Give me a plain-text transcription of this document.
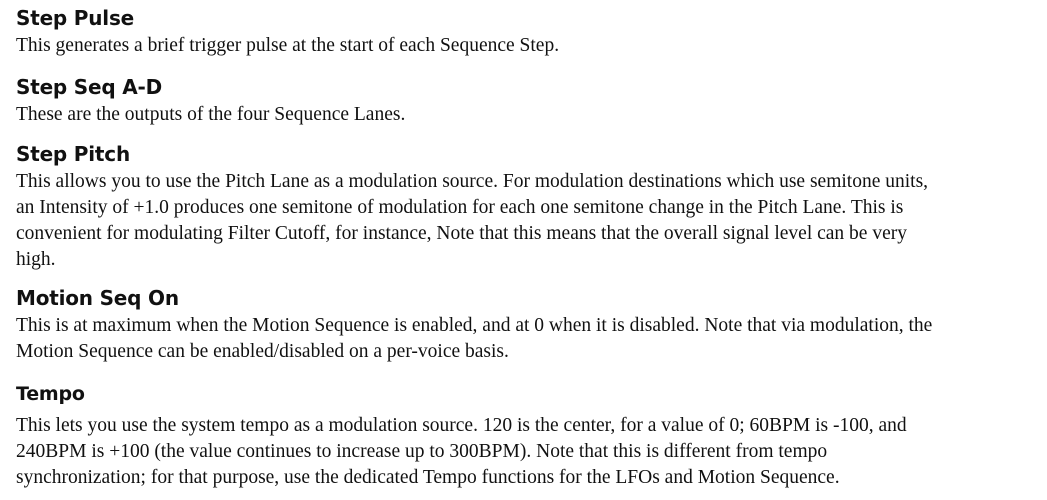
Step Pulse

This generates a brief trigger pulse at the start of each Sequence Step.

Step Seq A-D

These are the outputs of the four Sequence Lanes.

Step Pitch

This allows you to use the Pitch Lane as a modulation source. For modulation destinations which use semitone units,
an Intensity of +1.0 produces one semitone of modulation for each one semitone change in the Pitch Lane. This is
convenient for modulating Filter Cutoff, for instance, Note that this means that the overall signal level can be very
high.

Motion Seq On

This is at maximum when the Motion Sequence is enabled, and at 0 when it is disabled. Note that via modulation, the
Motion Sequence can be enabled/disabled on a per-voice basis.

Tempo

This lets you use the system tempo as a modulation source. 120 is the center, for a value of 0; 60BPM is -100, and
240BPM is +100 (the value continues to increase up to 300BPM). Note that this is different from tempo
synchronization; for that purpose, use the dedicated Tempo functions for the LFOs and Motion Sequence.
